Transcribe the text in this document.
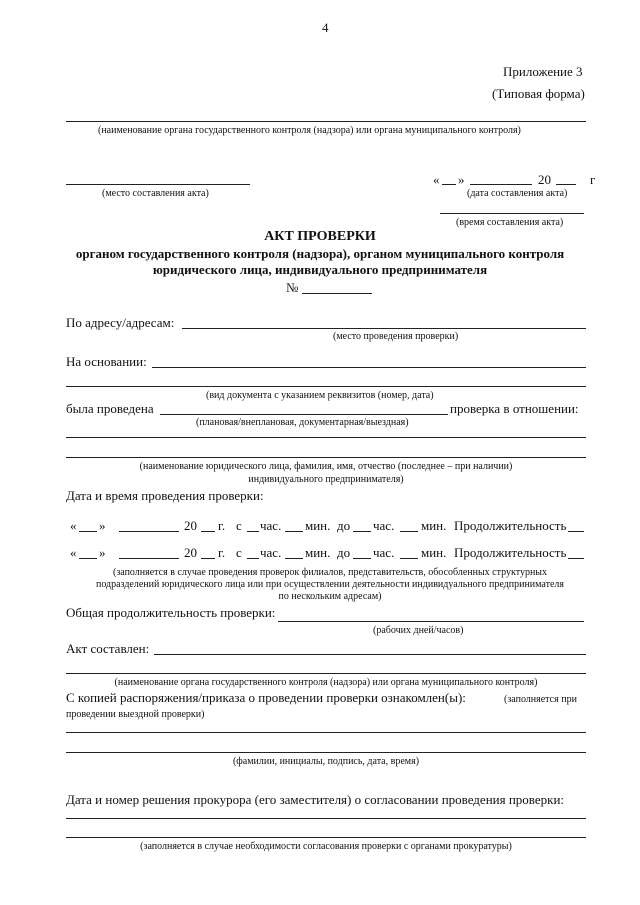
4
Приложение 3
(Типовая форма)
(наименование органа государственного контроля (надзора) или органа муниципального контроля)
(место составления акта)
« »	20	г
(дата составления акта)
(время составления акта)
АКТ ПРОВЕРКИ
органом государственного контроля (надзора), органом муниципального контроля
юридического лица, индивидуального предпринимателя
№
По адресу/адресам:
(место проведения проверки)
На основании:
(вид документа с указанием реквизитов (номер, дата)
была проведена	проверка в отношении:
(плановая/внеплановая, документарная/выездная)
(наименование юридического лица, фамилия, имя, отчество (последнее – при наличии)
индивидуального предпринимателя)
Дата и время проведения проверки:
« »	20 г. с час. мин. до час. мин. Продолжительность
« »	20 г. с час. мин. до час. мин. Продолжительность
(заполняется в случае проведения проверок филиалов, представительств, обособленных структурных
подразделений юридического лица или при осуществлении деятельности индивидуального предпринимателя
по нескольким адресам)
Общая продолжительность проверки:
(рабочих дней/часов)
Акт составлен:
(наименование органа государственного контроля (надзора) или органа муниципального контроля)
С копией распоряжения/приказа о проведении проверки ознакомлен(ы):	(заполняется при
проведении выездной проверки)
(фамилии, инициалы, подпись, дата, время)
Дата и номер решения прокурора (его заместителя) о согласовании проведения проверки:
(заполняется в случае необходимости согласования проверки с органами прокуратуры)
